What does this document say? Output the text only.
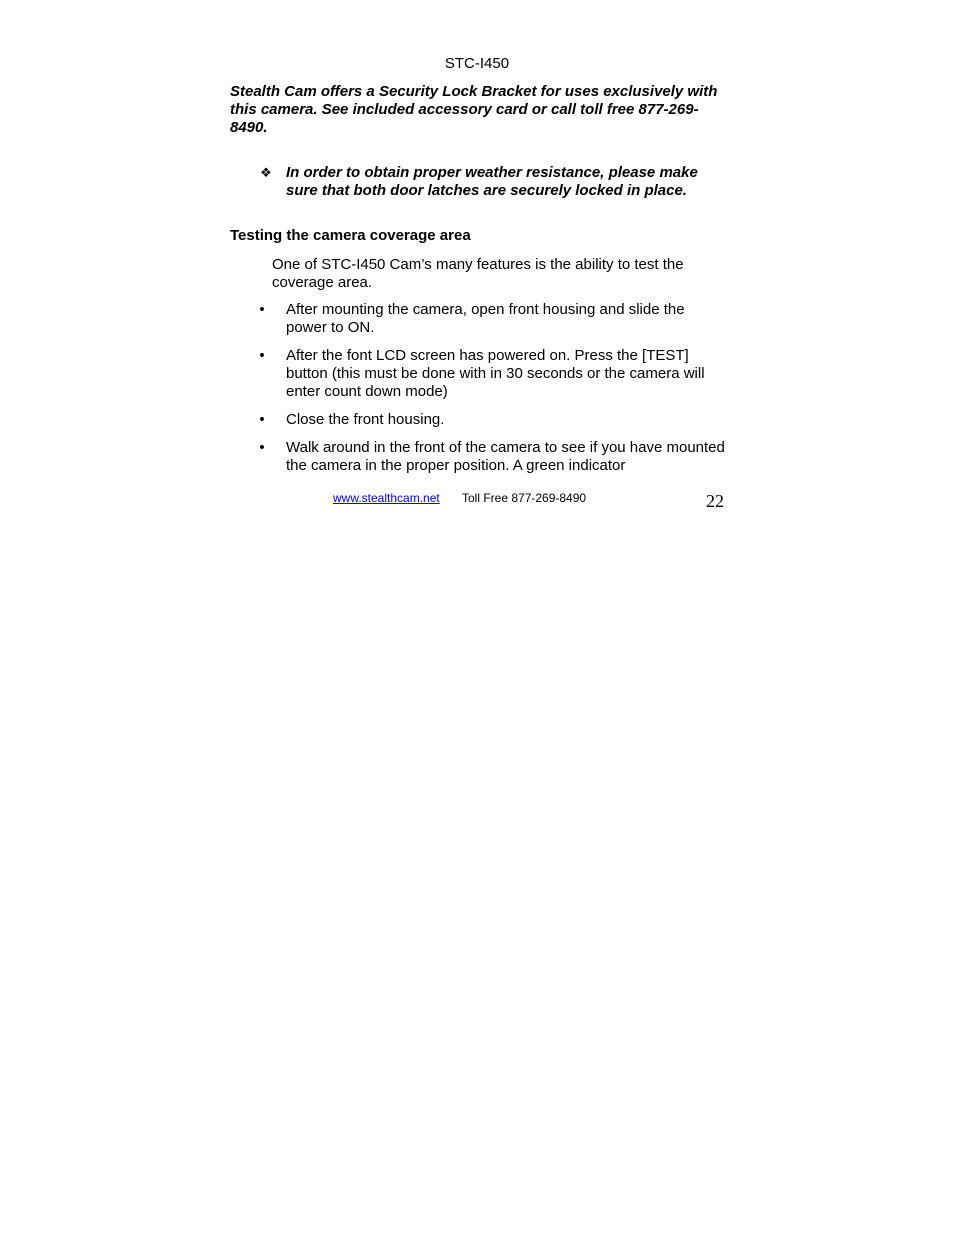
STC-I450

Stealth Cam offers a Security Lock Bracket for uses exclusively with this camera. See included accessory card or call toll free 877-269-8490.

❖ In order to obtain proper weather resistance, please make sure that both door latches are securely locked in place.
Testing the camera coverage area
One of STC-I450 Cam’s many features is the ability to test the coverage area.
• After mounting the camera, open front housing and slide the power to ON.
• After the font LCD screen has powered on. Press the [TEST] button (this must be done with in 30 seconds or the camera will enter count down mode)
• Close the front housing.
• Walk around in the front of the camera to see if you have mounted the camera in the proper position. A green indicator
www.stealthcam.net Toll Free 877-269-8490	22
